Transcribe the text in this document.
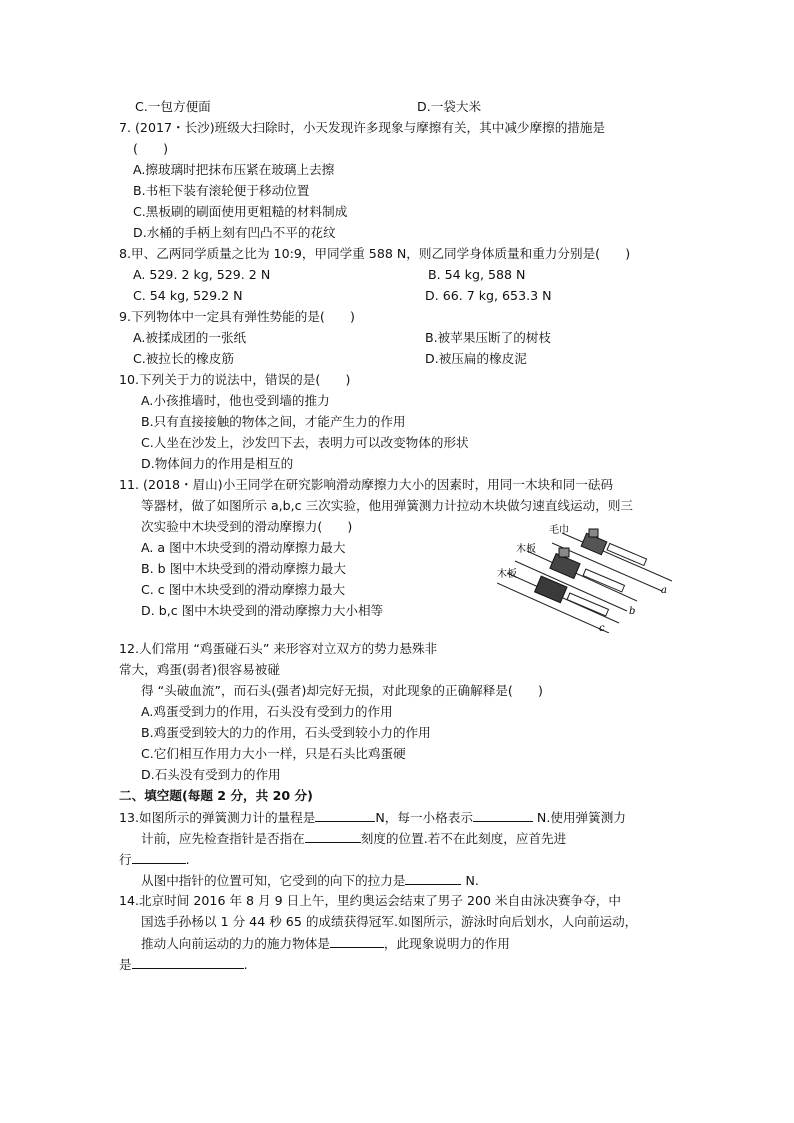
C.一包方便面	D.一袋大米
7. (2017・长沙)班级大扫除时，小天发现许多现象与摩擦有关，其中减少摩擦的措施是
(　　)
A.擦玻璃时把抹布压紧在玻璃上去擦
B.书柜下装有滚轮便于移动位置
C.黑板刷的刷面使用更粗糙的材料制成
D.水桶的手柄上刻有凹凸不平的花纹
8.甲、乙两同学质量之比为 10:9，甲同学重 588 N，则乙同学身体质量和重力分别是(　　)
A. 529. 2 kg, 529. 2 N	B. 54 kg, 588 N
C. 54 kg, 529.2 N	D. 66. 7 kg, 653.3 N
9.下列物体中一定具有弹性势能的是(　　)
A.被揉成团的一张纸	B.被苹果压断了的树枝
C.被拉长的橡皮筋	D.被压扁的橡皮泥
10.下列关于力的说法中，错误的是(　　)
A.小孩推墙时，他也受到墙的推力
B.只有直接接触的物体之间，才能产生力的作用
C.人坐在沙发上，沙发凹下去，表明力可以改变物体的形状
D.物体间力的作用是相互的
11. (2018・眉山)小王同学在研究影响滑动摩擦力大小的因素时，用同一木块和同一砝码
等器材，做了如图所示 a,b,c 三次实验，他用弹簧测力计拉动木块做匀速直线运动，则三
次实验中木块受到的滑动摩擦力(　　)
A. a 图中木块受到的滑动摩擦力最大
B. b 图中木块受到的滑动摩擦力最大
C. c 图中木块受到的滑动摩擦力最大
D. b,c 图中木块受到的滑动摩擦力大小相等
毛巾
a
木板
b
木板
c
12.人们常用 “鸡蛋碰石头” 来形容对立双方的势力悬殊非
常大，鸡蛋(弱者)很容易被碰
得 “头破血流”，而石头(强者)却完好无损，对此现象的正确解释是(　　)
A.鸡蛋受到力的作用，石头没有受到力的作用
B.鸡蛋受到较大的力的作用，石头受到较小力的作用
C.它们相互作用力大小一样，只是石头比鸡蛋硬
D.石头没有受到力的作用
二、填空题(每题 2 分，共 20 分)
13.如图所示的弹簧测力计的量程是	N，每一小格表示	N.使用弹簧测力
计前，应先检查指针是否指在	刻度的位置.若不在此刻度，应首先进
行	.
从图中指针的位置可知，它受到的向下的拉力是	N.
14.北京时间 2016 年 8 月 9 日上午，里约奥运会结束了男子 200 米自由泳决赛争夺，中
国选手孙杨以 1 分 44 秒 65 的成绩获得冠军.如图所示，游泳时向后划水，人向前运动，
推动人向前运动的力的施力物体是	，此现象说明力的作用
是	.
